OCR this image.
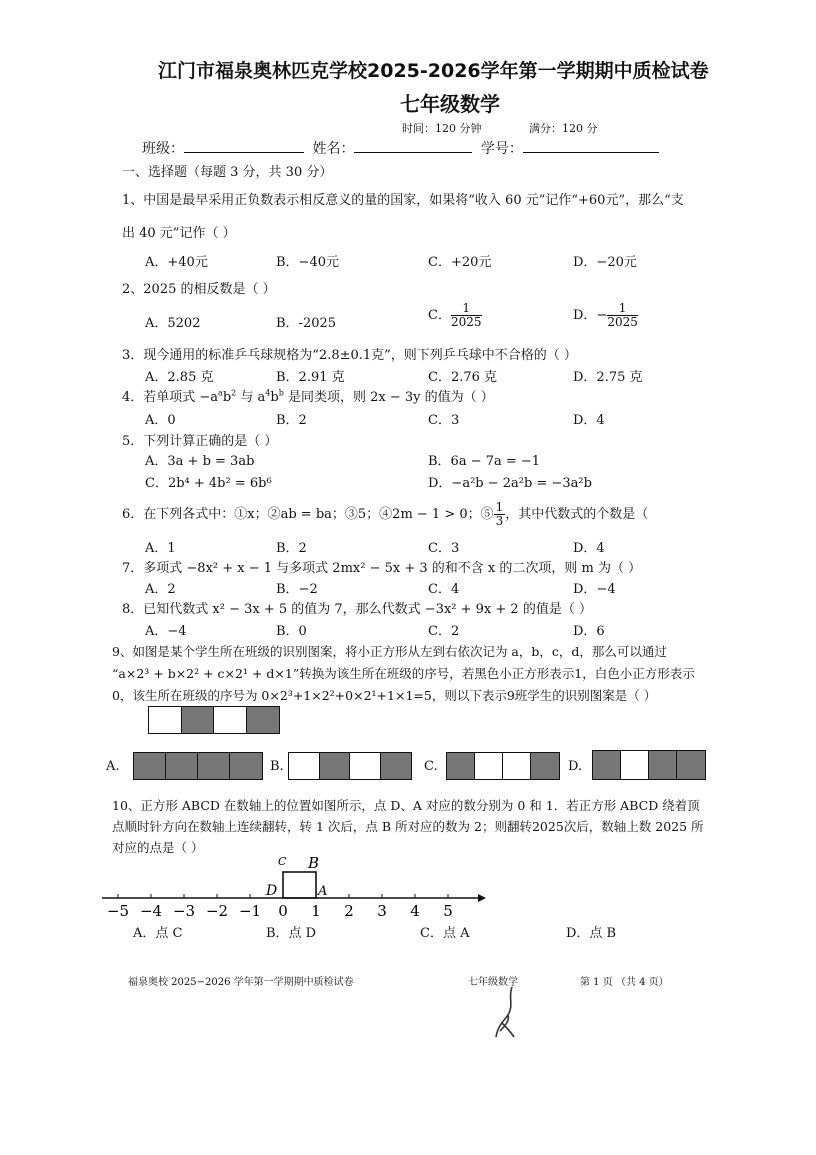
江门市福泉奥林匹克学校2025-2026学年第一学期期中质检试卷
七年级数学
时间：120 分钟	满分：120 分
班级：	姓名：	学号：
一、选择题（每题 3 分，共 30 分）
1、中国是最早采用正负数表示相反意义的量的国家，如果将“收入 60 元”记作“+60元”，那么“支
出 40 元”记作（ ）
A．+40元	B．−40元	C．+20元	D．−20元
2、2025 的相反数是（ ）
A．5202	B．-2025
C． $\frac{1}{2025}$	D．− $\frac{1}{2025}$
3．现今通用的标准乒乓球规格为“2.8±0.1克”，则下列乒乓球中不合格的（ ）
A．2.85 克	B．2.91 克	C．2.76 克	D．2.75 克
4．若单项式 $-a^ab^2$ 与 $a^4b^b$ 是同类项，则 2x − 3y 的值为（ ）
A．0	B．2	C．3	D．4
5．下列计算正确的是（ ）
A．3a + b = 3ab	B．6a − 7a = −1
C．2b⁴ + 4b² = 6b⁶	D．−a²b − 2a²b = −3a²b
6．在下列各式中：①x；②ab = ba；③5；④2m − 1 > 0；⑤ $\frac{1}{3}$ ，其中代数式的个数是（
A．1	B．2	C．3	D．4
7．多项式 −8x² + x − 1 与多项式 2mx² − 5x + 3 的和不含 x 的二次项，则 m 为（ ）
A．2	B．−2	C．4	D．−4
8．已知代数式 x² − 3x + 5 的值为 7，那么代数式 −3x² + 9x + 2 的值是（ ）
A．−4	B．0	C．2	D．6
9、如图是某个学生所在班级的识别图案，将小正方形从左到右依次记为 a，b，c，d，那么可以通过
“a×2³ + b×2² + c×2¹ + d×1”转换为该生所在班级的序号，若黑色小正方形表示1，白色小正方形表示
0，该生所在班级的序号为 0×2³+1×2²+0×2¹+1×1=5，则以下表示9班学生的识别图案是（ ）
A.	B.	C.	D.
10、正方形 ABCD 在数轴上的位置如图所示，点 D、A 对应的数分别为 0 和 1．若正方形 ABCD 绕着顶
点顺时针方向在数轴上连续翻转，转 1 次后，点 B 所对应的数为 2；则翻转2025次后，数轴上数 2025 所
对应的点是（ ）
B
C
D	A
−5 −4 −3 −2 −1 0 1 2 3 4 5
A．点 C	B．点 D	C．点 A	D．点 B
福泉奥校 2025−2026 学年第一学期期中质检试卷	七年级数学	第 1 页 （共 4 页）
